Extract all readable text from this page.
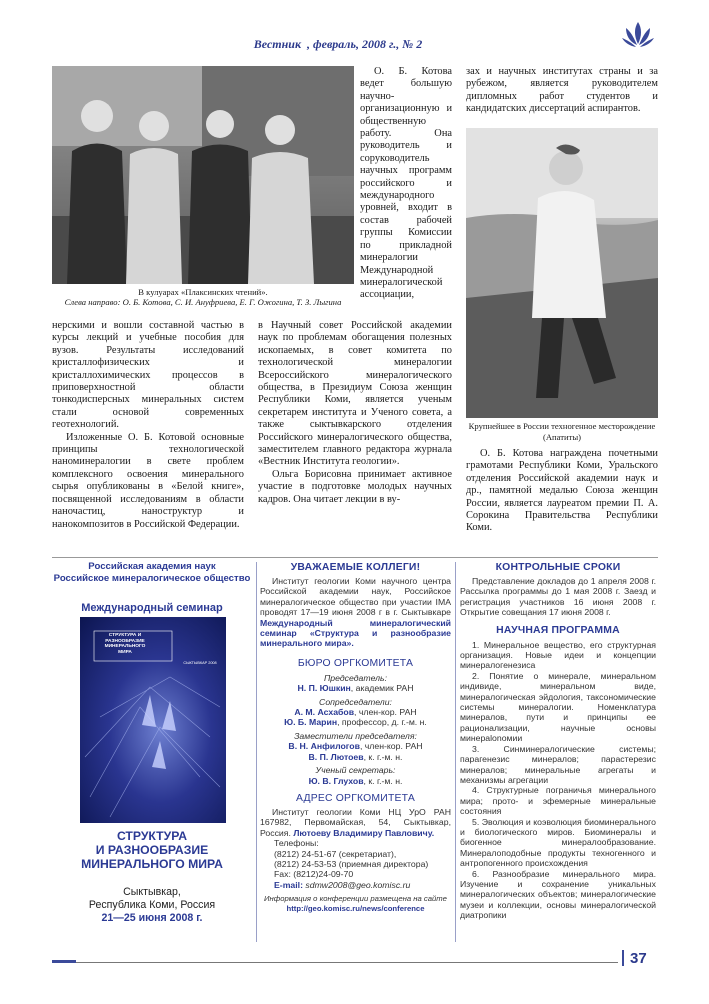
Вестник , февраль, 2008 г., № 2
В кулуарах «Плаксинских чтений».
Слева направо: О. Б. Котова, С. И. Ануфриева, Е. Г. Ожогина, Т. З. Лыгина

О. Б. Котова ведет большую научно-организационную и общественную работу. Она руководитель и соруководитель научных программ российского и международного уровней, входит в состав рабочей группы Комиссии по прикладной минералогии Международной минералогической ассоциации,

нерскими и вошли составной частью в курсы лекций и учебные пособия для вузов. Результаты исследований кристаллофизических и кристаллохимических процессов в приповерхностной области тонкодисперсных минеральных систем стали основой современных геотехнологий.

Изложенные О. Б. Котовой основные принципы технологической наноминералогии в свете проблем комплексного освоения минерального сырья опубликованы в «Белой книге», посвященной исследованиям в области наночастиц, наноструктур и нанокомпозитов в Российской Федерации.

в Научный совет Российской академии наук по проблемам обогащения полезных ископаемых, в совет комитета по технологической минералогии Всероссийского минералогического общества, в Президиум Союза женщин Республики Коми, является ученым секретарем института и Ученого совета, а также сыктывкарского отделения Российского минералогического общества, заместителем главного редактора журнала «Вестник Института геологии».

Ольга Борисовна принимает активное участие в подготовке молодых научных кадров. Она читает лекции в ву-

зах и научных институтах страны и за рубежом, является руководителем дипломных работ студентов и кандидатских диссертаций аспирантов.

Крупнейшее в России техногенное месторождение (Апатиты)

О. Б. Котова награждена почетными грамотами Республики Коми, Уральского отделения Российской академии наук и др., памятной медалью Союза женщин России, является лауреатом премии П. А. Сорокина Правительства Республики Коми.

Российская академия наук
Российское минералогическое общество
Международный семинар
СТРУКТУРА И РАЗНООБРАЗИЕ МИНЕРАЛЬНОГО МИРА
СЫКТЫВКАР 2008
СТРУКТУРА
И РАЗНООБРАЗИЕ
МИНЕРАЛЬНОГО МИРА
Сыктывкар,
Республика Коми, Россия
21—25 июня 2008 г.
УВАЖАЕМЫЕ КОЛЛЕГИ!
Институт геологии Коми научного центра Российской академии наук, Российское минералогическое общество при участии IMA проводят 17—19 июня 2008 г в г. Сыктывкаре Международный минералогический семинар «Структура и разнообразие минерального мира».
БЮРО ОРГКОМИТЕТА
Председатель:
Н. П. Юшкин, академик РАН
Сопредседатели:
А. М. Асхабов, член-кор. РАН
Ю. Б. Марин, профессор, д. г.-м. н.
Заместители председателя:
В. Н. Анфилогов, член-кор. РАН
В. П. Лютоев, к. г.-м. н.
Ученый секретарь:
Ю. В. Глухов, к. г.-м. н.
АДРЕС ОРГКОМИТЕТА
Институт геологии Коми НЦ УрО РАН 167982, Первомайская, 54, Сыктывкар, Россия. Лютоеву Владимиру Павловичу.
Телефоны:
(8212) 24-51-67 (секретариат),
(8212) 24-53-53 (приемная директора)
Fax: (8212)24-09-70
E-mail: sdmw2008@geo.komisc.ru
Информация о конференции размещена на сайте
http://geo.komisc.ru/news/conference
КОНТРОЛЬНЫЕ СРОКИ
Представление докладов до 1 апреля 2008 г. Рассылка программы до 1 мая 2008 г. Заезд и регистрация участников 16 июня 2008 г. Открытие совещания 17 июня 2008 г.
НАУЧНАЯ ПРОГРАММА
1. Минеральное вещество, его структурная организация. Новые идеи и концепции минералогенезиса
2. Понятие о минерале, минеральном индивиде, минеральном виде, минералогическая эйдология, таксономические системы минералогии. Номенклатура минералов, пути и принципы ее рационализации, научные основы минерalonомии
3. Синминералогические системы; парагенезис минералов; парастерезис минералов; минеральные агрегаты и механизмы агрегации
4. Структурные пограничья минерального мира; прото- и эфемерные минеральные состояния
5. Эволюция и коэволюция биоминерального и биологического миров. Биоминералы и биогенное минералообразование. Минералоподобные продукты техногенного и антропогенного происхождения
6. Разнообразие минерального мира. Изучение и сохранение уникальных минералогических объектов; минералогические музеи и коллекции, основы минералогической диатропики
37
